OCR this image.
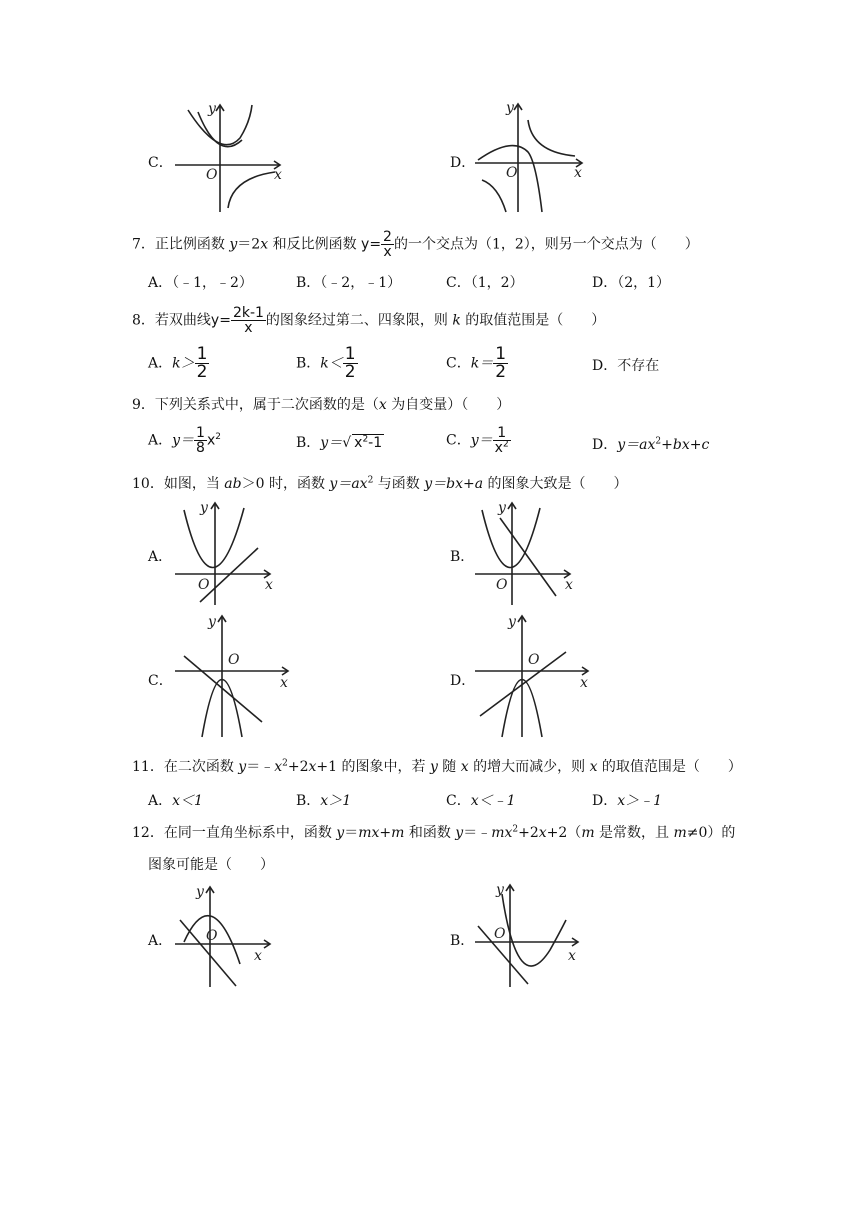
C．
y
O	x
D．
y
O	x
7．正比例函数 y＝2x 和反比例函数 $y= \frac{2}{x}$ 的一个交点为（1，2），则另一个交点为（　　）
A．（﹣1，﹣2）	B．（﹣2，﹣1）	C．（1，2）	D．（2，1）
8．若双曲线$y= \frac{2k-1}{x}$ 的图象经过第二、四象限，则 k 的取值范围是（　　）
A．$k> \frac{1}{2}$	B．$k< \frac{1}{2}$	C．$k= \frac{1}{2}$	D．不存在
9．下列关系式中，属于二次函数的是（x 为自变量）（　　）
A．$y= \frac{1}{8} x^2$	B．y＝√ $x^2-1$	C．$y= \frac{1}{x^2}$	D．$y=ax^2+bx+c$
10．如图，当 ab＞0 时，函数 $y=ax^2$ 与函数 y＝bx+a 的图象大致是（　　）
A．
y
O	x
B．
y
O	x
C．
y
O
x	D．
y
O
x
11．在二次函数 $y=﹣x^2+2x+1$ 的图象中，若 y 随 x 的增大而减少，则 x 的取值范围是（　　）
A．x＜1	B．x＞1	C．x＜﹣1	D．x＞﹣1
12．在同一直角坐标系中，函数 y＝mx+m 和函数 $y=﹣mx^2+2x+2(m$ 是常数，且 m≠0）的
图象可能是（　　）
A．
y
O
x
B．
y
O
x
